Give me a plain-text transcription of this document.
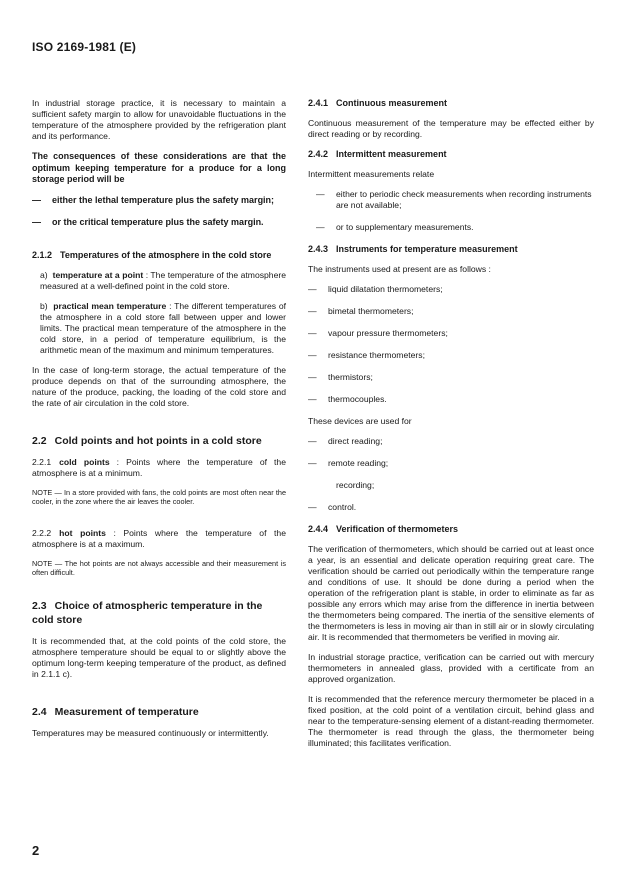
ISO 2169-1981 (E)

In industrial storage practice, it is necessary to maintain a sufficient safety margin to allow for unavoidable fluctuations in the temperature of the atmosphere provided by the refrigeration plant and its performance.

The consequences of these considerations are that the optimum keeping temperature for a produce for a long storage period will be

—	either the lethal temperature plus the safety margin;
—	or the critical temperature plus the safety margin.
2.1.2 Temperatures of the atmosphere in the cold store

a) temperature at a point : The temperature of the atmosphere measured at a well-defined point in the cold store.

b) practical mean temperature : The different temperatures of the atmosphere in a cold store fall between upper and lower limits. The practical mean temperature of the atmosphere in the cold store, in a period of temperature equilibrium, is the arithmetic mean of the maximum and minimum temperatures.

In the case of long-term storage, the actual temperature of the produce depends on that of the surrounding atmosphere, the nature of the produce, packing, the loading of the cold store and the rate of air circulation in the cold store.

2.2 Cold points and hot points in a cold store

2.2.1 cold points : Points where the temperature of the atmosphere is at a minimum.

NOTE — In a store provided with fans, the cold points are most often near the cooler, in the zone where the air leaves the cooler.

2.2.2 hot points : Points where the temperature of the atmosphere is at a maximum.

NOTE — The hot points are not always accessible and their measurement is often difficult.

2.3 Choice of atmospheric temperature in the cold store

It is recommended that, at the cold points of the cold store, the atmosphere temperature should be equal to or slightly above the optimum long-term keeping temperature of the product, as defined in 2.1.1 c).

2.4 Measurement of temperature

Temperatures may be measured continuously or intermittently.

2.4.1 Continuous measurement

Continuous measurement of the temperature may be effected either by direct reading or by recording.

2.4.2 Intermittent measurement

Intermittent measurements relate

—	either to periodic check measurements when recording instruments are not available;
—	or to supplementary measurements.
2.4.3 Instruments for temperature measurement

The instruments used at present are as follows :

—	liquid dilatation thermometers;
—	bimetal thermometers;
—	vapour pressure thermometers;
—	resistance thermometers;
—	thermistors;
—	thermocouples.

These devices are used for

—	direct reading;
—	remote reading;
recording;
—	control.
2.4.4 Verification of thermometers

The verification of thermometers, which should be carried out at least once a year, is an essential and delicate operation requiring great care. The verification should be carried out periodically within the temperature range and conditions of use. It should be done during a period when the operation of the refrigeration plant is stable, in order to eliminate as far as possible any errors which may arise from the difference in inertia between the thermometers being compared. The inertia of the sensitive elements of the thermometers is less in moving air than in still air or in slowly circulating air. It is recommended that thermometers be verified in moving air.

In industrial storage practice, verification can be carried out with mercury thermometers in annealed glass, provided with a certificate from an approved organization.

It is recommended that the reference mercury thermometer be placed in a fixed position, at the cold point of a ventilation circuit, behind glass and near to the temperature-sensing element of a distant-reading thermometer. The thermometer is read through the glass, the thermometer being illuminated; this facilitates verification.

2
